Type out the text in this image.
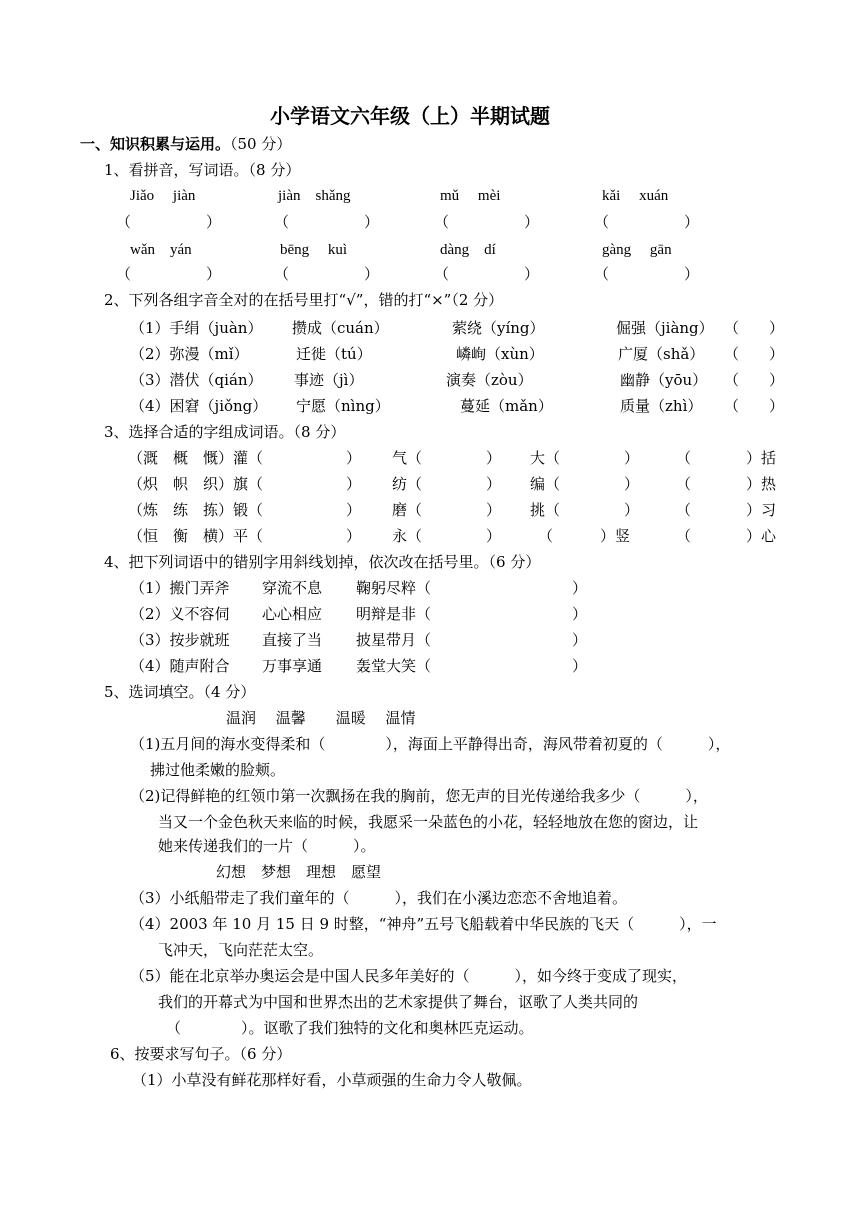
小学语文六年级（上）半期试题
一、知识积累与运用。（50 分）
1、看拼音，写词语。（8 分）
Jiǎo　 jiàn	jiàn　shǎng	mǔ　 mèi	kǎi　 xuán
（　　　　　）	（　　　　　）	（　　　　　）	（　　　　　）
wǎn　yán	bēng　 kuì	dàng　dí	gàng　 gān
（　　　　　）	（　　　　　）	（　　　　　）	（　　　　　）
2、下列各组字音全对的在括号里打“√”，错的打“×”（2 分）
（1）手绢（juàn） 攒成（cuán）	萦绕（yíng）	倔强（jiàng） （　　）
（2）弥漫（mǐ）	迁徙（tú）	嶙峋（xùn）	广厦（shǎ） （　　）
（3）潜伏（qián） 事迹（jì）	演奏（zòu）	幽静（yōu） （　　）
（4）困窘（jiǒng） 宁愿（nìng）	蔓延（mǎn）	质量（zhì） （　　）
3、选择合适的字组成词语。（8 分）
（溉　概　慨）灌（	） 气（	） 大（	） （	）括
（炽　帜　织）旗（	） 纺（	） 编（	） （	）热
（炼　练　拣）锻（	） 磨（	） 挑（	） （	）习
（恒　衡　横）平（	） 永（	） （	）竖	（	）心
4、把下列词语中的错别字用斜线划掉，依次改在括号里。（6 分）
（1）搬门弄斧 穿流不息 鞠躬尽粹（	）
（2）义不容伺 心心相应 明辩是非（	）
（3）按步就班 直接了当 披星带月（	）
（4）随声附合 万事享通 轰堂大笑（	）
5、选词填空。（4 分）
温润　 温馨　　温暖　 温情
（1)五月间的海水变得柔和（　　　　），海面上平静得出奇，海风带着初夏的（　　　），
拂过他柔嫩的脸颊。
（2)记得鲜艳的红领巾第一次飘扬在我的胸前，您无声的目光传递给我多少（　　　），
当又一个金色秋天来临的时候，我愿采一朵蓝色的小花，轻轻地放在您的窗边，让
她来传递我们的一片（　　　）。
幻想　梦想　理想　愿望
（3）小纸船带走了我们童年的（　　　），我们在小溪边恋恋不舍地追着。
（4）2003 年 10 月 15 日 9 时整，“神舟”五号飞船载着中华民族的飞天（　　　），一
飞冲天，飞向茫茫太空。
（5）能在北京举办奥运会是中国人民多年美好的（　　　），如今终于变成了现实，
我们的开幕式为中国和世界杰出的艺术家提供了舞台，讴歌了人类共同的
（　　　　）。讴歌了我们独特的文化和奥林匹克运动。
6、按要求写句子。（6 分）
（1）小草没有鲜花那样好看，小草顽强的生命力令人敬佩。
